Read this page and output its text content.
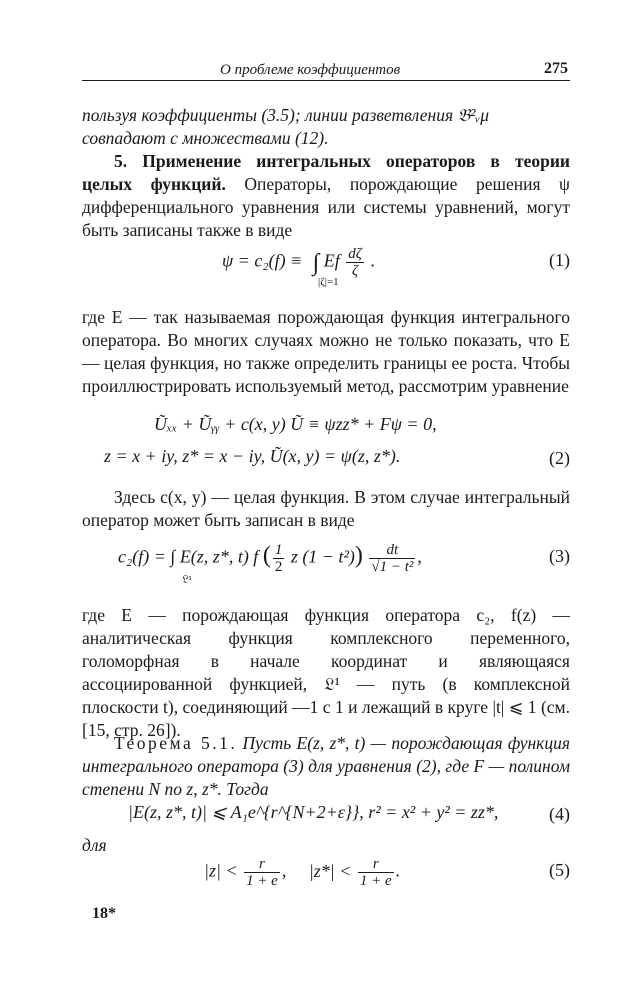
О проблеме коэффициентов	275
пользуя коэффициенты (3.5); линии разветвления 𝔅²ᵥμ
совпадают с множествами (12).
5. Применение интегральных операторов в теории целых функций. Операторы, порождающие решения ψ дифференциального уравнения или системы уравнений, могут быть записаны также в виде
ψ = c₂(f) ≡ ∫ Ef $\frac{d\zeta}{\zeta}$ .
|ζ|=1
(1)
где E — так называемая порождающая функция интегрального оператора. Во многих случаях можно не только показать, что E — целая функция, но также определить границы ее роста. Чтобы проиллюстрировать используемый метод, рассмотрим уравнение
Ũₓₓ + Ũᵧᵧ + c(x, y) Ũ ≡ ψzz* + Fψ = 0,
z = x + iy, z* = x − iy, Ũ(x, y) = ψ(z, z*).	(2)
Здесь c(x, y) — целая функция. В этом случае интегральный оператор может быть записан в виде
c₂(f) = ∫ E(z, z*, t) f ( $\frac{1}{2}$ z $(1 - t^2)) \frac{dt}{\text{√1 − t²}}$ ,
𝔏¹
(3)
где E — порождающая функция оператора c₂, f(z) — аналитическая функция комплексного переменного, голоморфная в начале координат и являющаяся ассоциированной функцией, 𝔏¹ — путь (в комплексной плоскости t), соединяющий —1 с 1 и лежащий в круге |t| ⩽ 1 (см. [15, стр. 26]).
Теорема 5.1. Пусть E(z, z*, t) — порождающая функция интегрального оператора (3) для уравнения (2), где F — полином степени N по z, z*. Тогда
|E(z, z*, t)| ⩽ A₁e^{r^{N+2+ε}}, r² = x² + y² = zz*,	(4)
для
$|z| < \frac{r}{1 + e}$ , $|z*| < \frac{r}{1 + e}$ .	(5)
18*
